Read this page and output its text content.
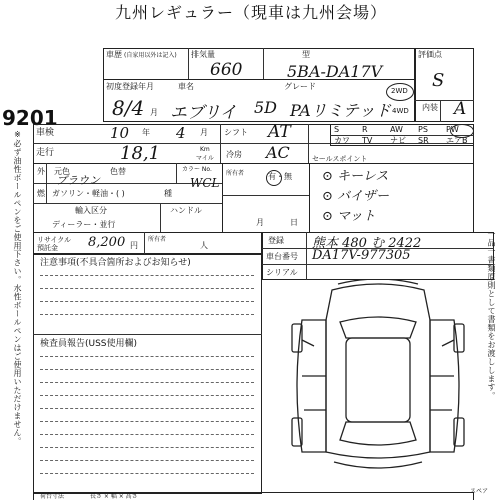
九州レギュラー（現車は九州会場）
9201
※必ず油性ボールペンをご使用下さい。水性ボールペンはご使用いただけません。	一品一書類原則として書類をお渡しします。
車歴 (自家用以外は記入) 排気量
660
型
5BA-DA17V
評価点
S
初度登録年月
8/4 月
車名
エブリイ
グレード
5D PAリミテッド
2WD
4WD 内装 A
車検	10 年 4 月 シフト AT
走行	18,1	Km
マイル 冷房 AC	セールスポイント
S	R	AW PS PW
カワ TV ナビ SR エアB
外 元色	色替
ブラウン
カラー No.
WCL
燃 ガソリン・軽油・( )	種
輸入区分	ハンドル
ディーラー・並行
所有者	有・無
月	日
⊙ キーレス
⊙ バイザー
⊙ マット
リサイクル預託金	8,200 円
所有者
人
登録 熊本 480 む 2422
車台番号 DA17V-977305
シリアル
注意事項(不具合箇所およびお知らせ)
検査員報告(USS使用欄)
スペア
荷台寸法	長さ × 幅 × 高さ
